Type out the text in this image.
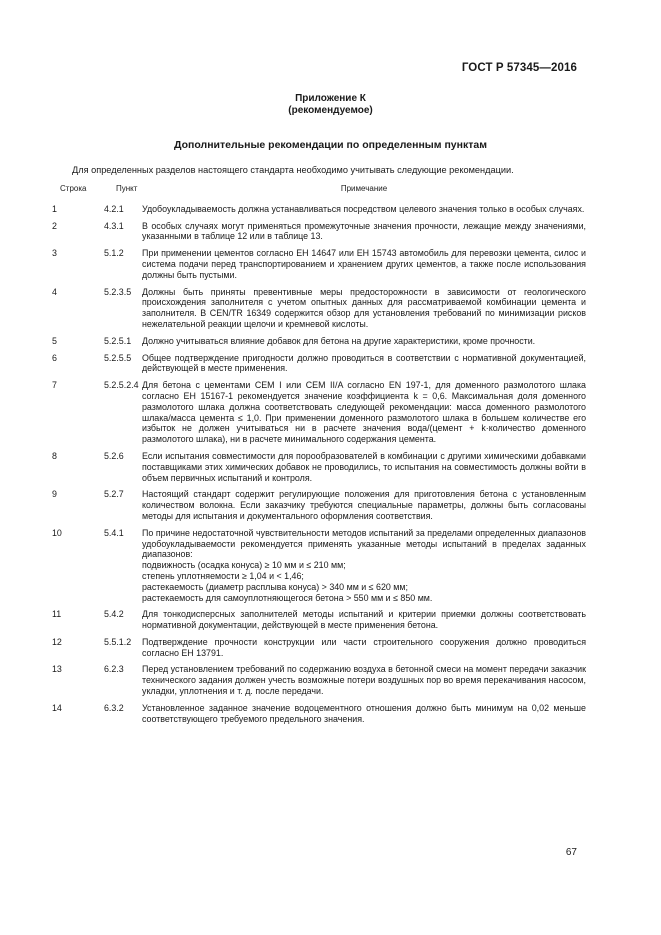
ГОСТ Р 57345—2016
Приложение К
(рекомендуемое)
Дополнительные рекомендации по определенным пунктам
Для определенных разделов настоящего стандарта необходимо учитывать следующие рекомендации.
Строка	Пункт	Примечание
1	4.2.1	Удобоукладываемость должна устанавливаться посредством целевого значения только в особых случаях.

2	4.3.1	В особых случаях могут применяться промежуточные значения прочности, лежащие между значениями, указанными в таблице 12 или в таблице 13.

3	5.1.2	При применении цементов согласно ЕН 14647 или ЕН 15743 автомобиль для перевозки цемента, силос и система подачи перед транспортированием и хранением других цементов, а также после использования должны быть пустыми.

4	5.2.3.5	Должны быть приняты превентивные меры предосторожности в зависимости от геологического происхождения заполнителя с учетом опытных данных для рассматриваемой комбинации цемента и заполнителя. В CEN/TR 16349 содержится обзор для установления требований по минимизации рисков нежелательной реакции щелочи и кремневой кислоты.

5	5.2.5.1	Должно учитываться влияние добавок для бетона на другие характеристики, кроме прочности.

6	5.2.5.5	Общее подтверждение пригодности должно проводиться в соответствии с нормативной документацией, действующей в месте применения.

7	5.2.5.2.4	Для бетона с цементами CEM I или CEM II/A согласно EN 197-1, для доменного размолотого шлака согласно ЕН 15167-1 рекомендуется значение коэффициента k = 0,6. Максимальная доля доменного размолотого шлака должна соответствовать следующей рекомендации: масса доменного размолотого шлака/масса цемента ≤ 1,0. При применении доменного размолотого шлака в большем количестве его избыток не должен учитываться ни в расчете значения вода/(цемент + k·количество доменного размолотого шлака), ни в расчете минимального содержания цемента.

8	5.2.6	Если испытания совместимости для порообразователей в комбинации с другими химическими добавками поставщиками этих химических добавок не проводились, то испытания на совместимость должны войти в объем первичных испытаний и контроля.

9	5.2.7	Настоящий стандарт содержит регулирующие положения для приготовления бетона с установленным количеством волокна. Если заказчику требуются специальные параметры, должны быть согласованы методы для испытания и документального оформления соответствия.

10	5.4.1	По причине недостаточной чувствительности методов испытаний за пределами определенных диапазонов удобоукладываемости рекомендуется применять указанные методы испытаний в пределах заданных диапазонов:
подвижность (осадка конуса) ≥ 10 мм и ≤ 210 мм;
степень уплотняемости ≥ 1,04 и < 1,46;
растекаемость (диаметр расплыва конуса) > 340 мм и ≤ 620 мм;
растекаемость для самоуплотняющегося бетона > 550 мм и ≤ 850 мм.

11	5.4.2	Для тонкодисперсных заполнителей методы испытаний и критерии приемки должны соответствовать нормативной документации, действующей в месте применения бетона.

12	5.5.1.2	Подтверждение прочности конструкции или части строительного сооружения должно проводиться согласно ЕН 13791.

13	6.2.3	Перед установлением требований по содержанию воздуха в бетонной смеси на момент передачи заказчик технического задания должен учесть возможные потери воздушных пор во время перекачивания насосом, укладки, уплотнения и т. д. после передачи.

14	6.3.2	Установленное заданное значение водоцементного отношения должно быть минимум на 0,02 меньше соответствующего требуемого предельного значения.
67
